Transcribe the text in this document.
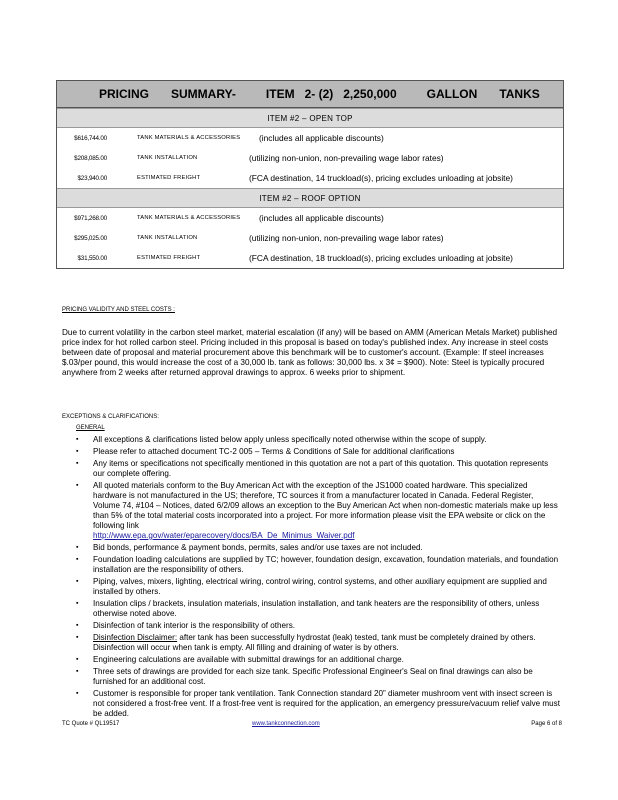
PRICING SUMMARY-	ITEM 2- (2) 2,250,000	GALLON TANKS
ITEM #2 – OPEN TOP
$616,744.00	TANK MATERIALS & ACCESSORIES	(includes all applicable discounts)
$208,085.00	TANK INSTALLATION	(utilizing non-union, non-prevailing wage labor rates)
$23,940.00	ESTIMATED FREIGHT	(FCA destination, 14 truckload(s), pricing excludes unloading at jobsite)
ITEM #2 – ROOF OPTION
$971,268.00	TANK MATERIALS & ACCESSORIES	(includes all applicable discounts)
$295,025.00	TANK INSTALLATION	(utilizing non-union, non-prevailing wage labor rates)
$31,550.00	ESTIMATED FREIGHT	(FCA destination, 18 truckload(s), pricing excludes unloading at jobsite)
PRICING VALIDITY AND STEEL COSTS :
Due to current volatility in the carbon steel market, material escalation (if any) will be based on AMM (American Metals Market) published price index for hot rolled carbon steel. Pricing included in this proposal is based on today's published index. Any increase in steel costs between date of proposal and material procurement above this benchmark will be to customer's account. (Example: If steel increases $.03/per pound, this would increase the cost of a 30,000 lb. tank as follows: 30,000 lbs. x 3¢ = $900). Note: Steel is typically procured anywhere from 2 weeks after returned approval drawings to approx. 6 weeks prior to shipment.
EXCEPTIONS & CLARIFICATIONS:
GENERAL
▪	All exceptions & clarifications listed below apply unless specifically noted otherwise within the scope of supply.
▪	Please refer to attached document TC-2 005 – Terms & Conditions of Sale for additional clarifications
▪	Any items or specifications not specifically mentioned in this quotation are not a part of this quotation. This quotation represents our complete offering.
▪	All quoted materials conform to the Buy American Act with the exception of the JS1000 coated hardware. This specialized hardware is not manufactured in the US; therefore, TC sources it from a manufacturer located in Canada. Federal Register, Volume 74, #104 – Notices, dated 6/2/09 allows an exception to the Buy American Act when non-domestic materials make up less than 5% of the total material costs incorporated into a project. For more information please visit the EPA website or click on the following link
http://www.epa.gov/water/eparecovery/docs/BA_De_Minimus_Waiver.pdf
▪	Bid bonds, performance & payment bonds, permits, sales and/or use taxes are not included.
▪	Foundation loading calculations are supplied by TC; however, foundation design, excavation, foundation materials, and foundation installation are the responsibility of others.
▪	Piping, valves, mixers, lighting, electrical wiring, control wiring, control systems, and other auxiliary equipment are supplied and installed by others.
▪	Insulation clips / brackets, insulation materials, insulation installation, and tank heaters are the responsibility of others, unless otherwise noted above.
▪	Disinfection of tank interior is the responsibility of others.
▪	Disinfection Disclaimer: after tank has been successfully hydrostat (leak) tested, tank must be completely drained by others. Disinfection will occur when tank is empty. All filling and draining of water is by others.
▪	Engineering calculations are available with submittal drawings for an additional charge.
▪	Three sets of drawings are provided for each size tank. Specific Professional Engineer's Seal on final drawings can also be furnished for an additional cost.
▪	Customer is responsible for proper tank ventilation. Tank Connection standard 20” diameter mushroom vent with insect screen is not considered a frost-free vent. If a frost-free vent is required for the application, an emergency pressure/vacuum relief valve must be added.
TC Quote # QL19517	www.tankconnection.com	Page 6 of 8
